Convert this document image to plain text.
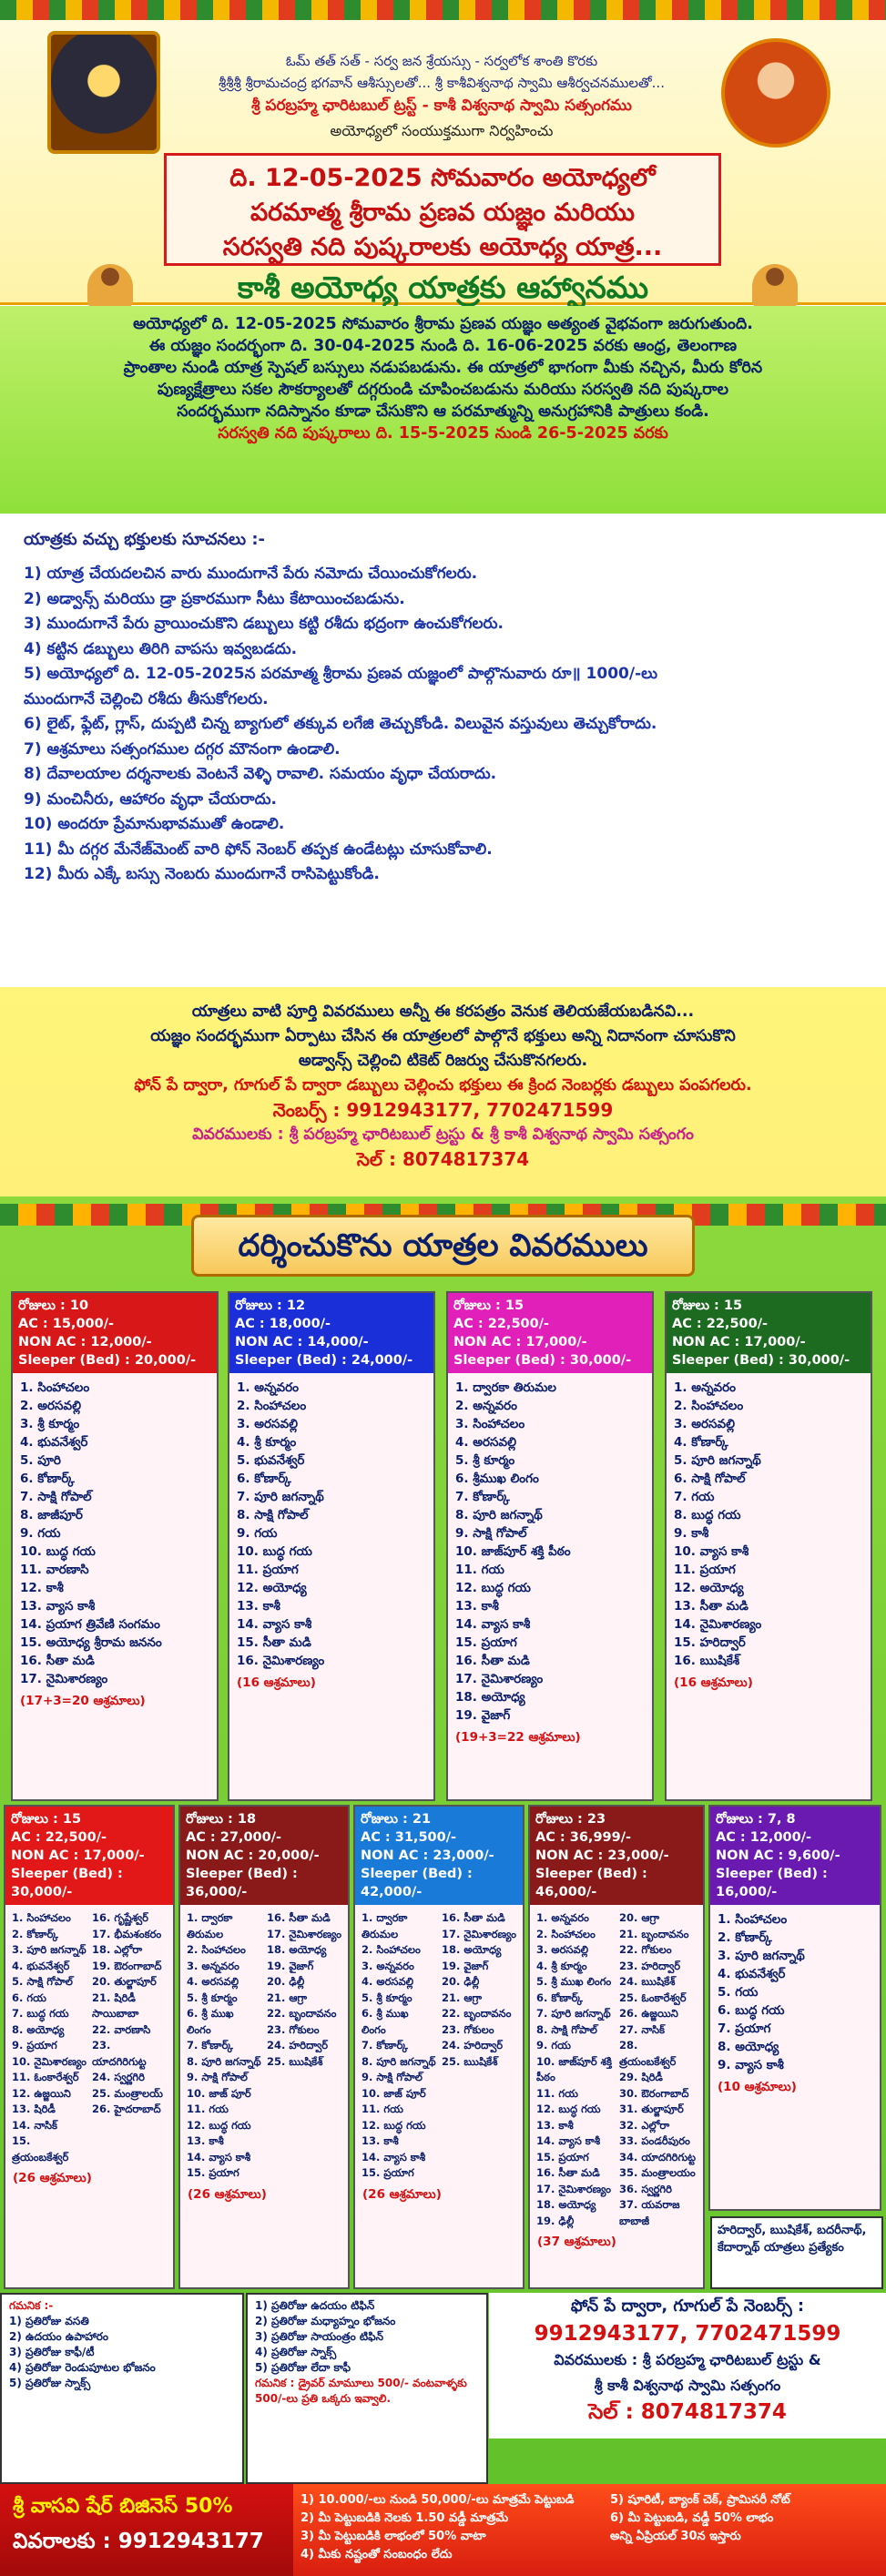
ఓమ్ తత్ సత్ - సర్వ జన శ్రేయస్సు - సర్వలోక శాంతి కొరకు
శ్రీశ్రీశ్రీ శ్రీరామచంద్ర భగవాన్ ఆశీస్సులతో... శ్రీ కాశీవిశ్వనాథ స్వామి ఆశీర్వచనములతో...
శ్రీ పరబ్రహ్మ ఛారిటబుల్ ట్రస్ట్ - కాశీ విశ్వనాథ స్వామి సత్సంగము
అయోధ్యలో సంయుక్తముగా నిర్వహించు
ది. 12-05-2025 సోమవారం అయోధ్యలో
పరమాత్మ శ్రీరామ ప్రణవ యజ్ఞం మరియు
సరస్వతి నది పుష్కరాలకు అయోధ్య యాత్ర...
కాశీ అయోధ్య యాత్రకు ఆహ్వానము

అయోధ్యలో ది. 12-05-2025 సోమవారం శ్రీరామ ప్రణవ యజ్ఞం అత్యంత వైభవంగా జరుగుతుంది.

ఈ యజ్ఞం సందర్భంగా ది. 30-04-2025 నుండి ది. 16-06-2025 వరకు ఆంధ్ర, తెలంగాణ

ప్రాంతాల నుండి యాత్ర స్పెషల్ బస్సులు నడుపబడును. ఈ యాత్రలో భాగంగా మీకు నచ్చిన, మీరు కోరిన

పుణ్యక్షేత్రాలు సకల సౌకర్యాలతో దగ్గరుండి చూపించబడును మరియు సరస్వతి నది పుష్కరాల

సందర్భముగా నదిస్నానం కూడా చేసుకొని ఆ పరమాత్మున్ని అనుగ్రహానికి పాత్రులు కండి.

సరస్వతి నది పుష్కరాలు ది. 15-5-2025 నుండి 26-5-2025 వరకు

యాత్రకు వచ్చు భక్తులకు సూచనలు :-
1) యాత్ర చేయదలచిన వారు ముందుగానే పేరు నమోదు చేయించుకోగలరు.
2) అడ్వాన్స్ మరియు డ్రా ప్రకారముగా సీటు కేటాయించబడును.
3) ముందుగానే పేరు వ్రాయించుకొని డబ్బులు కట్టి రశీదు భద్రంగా ఉంచుకోగలరు.
4) కట్టిన డబ్బులు తిరిగి వాపసు ఇవ్వబడదు.
5) అయోధ్యలో ది. 12-05-2025న పరమాత్మ శ్రీరామ ప్రణవ యజ్ఞంలో పాల్గొనువారు రూ॥ 1000/-లు
ముందుగానే చెల్లించి రశీదు తీసుకోగలరు.
6) లైట్, ఫ్లేట్, గ్లాస్, దుప్పటి చిన్న బ్యాగులో తక్కువ లగేజి తెచ్చుకోండి. విలువైన వస్తువులు తెచ్చుకోరాదు.
7) ఆశ్రమాలు సత్సంగముల దగ్గర మౌనంగా ఉండాలి.
8) దేవాలయాల దర్శనాలకు వెంటనే వెళ్ళి రావాలి. సమయం వృధా చేయరాదు.
9) మంచినీరు, ఆహారం వృధా చేయరాదు.
10) అందరూ ప్రేమానుభావముతో ఉండాలి.
11) మీ దగ్గర మేనేజ్‌మెంట్ వారి ఫోన్ నెంబర్ తప్పక ఉండేటట్లు చూసుకోవాలి.
12) మీరు ఎక్కే బస్సు నెంబరు ముందుగానే రాసిపెట్టుకోండి.

యాత్రలు వాటి పూర్తి వివరములు అన్నీ ఈ కరపత్రం వెనుక తెలియజేయబడినవి...

యజ్ఞం సందర్భముగా ఏర్పాటు చేసిన ఈ యాత్రలలో పాల్గొనే భక్తులు అన్ని నిదానంగా చూసుకొని

అడ్వాన్స్ చెల్లించి టికెట్ రిజర్వు చేసుకొనగలరు.

ఫోన్ పే ద్వారా, గూగుల్ పే ద్వారా డబ్బులు చెల్లించు భక్తులు ఈ క్రింద నెంబర్లకు డబ్బులు పంపగలరు.

నెంబర్స్ : 9912943177, 7702471599

వివరములకు : శ్రీ పరబ్రహ్మ ఛారిటబుల్ ట్రస్టు & శ్రీ కాశీ విశ్వనాథ స్వామి సత్సంగం

సెల్ : 8074817374

దర్శించుకొను యాత్రల వివరములు
హరిద్వార్, ఋషికేశ్, బదరీనాథ్, కేదార్నాథ్ యాత్రలు ప్రత్యేకం
గమనిక :-
1) ప్రతిరోజు వసతి
2) ఉదయం ఉపాహారం
3) ప్రతిరోజు కాఫీ/టీ
4) ప్రతిరోజు రెండుపూటల భోజనం
5) ప్రతిరోజు స్నాక్స్
1) ప్రతిరోజు ఉదయం టిఫిన్
2) ప్రతిరోజు మధ్యాహ్నం భోజనం
3) ప్రతిరోజు సాయంత్రం టిఫిన్
4) ప్రతిరోజు స్నాక్స్
5) ప్రతిరోజు లేదా కాఫీ
గమనిక : డ్రైవర్ మామూలు 500/- వంటవాళ్ళకు 500/-లు ప్రతి ఒక్కరు ఇవ్వాలి.

ఫోన్ పే ద్వారా, గూగుల్ పే నెంబర్స్ :

9912943177, 7702471599

వివరములకు : శ్రీ పరబ్రహ్మ ఛారిటబుల్ ట్రస్టు &

శ్రీ కాశీ విశ్వనాథ స్వామి సత్సంగం

సెల్ : 8074817374

శ్రీ వాసవి షేర్ బిజినెస్ 50%
వివరాలకు : 9912943177
1) 10.000/-లు నుండి 50,000/-లు మాత్రమే పెట్టుబడి
2) మీ పెట్టుబడికి నెలకు 1.50 వడ్డీ మాత్రమే
3) మీ పెట్టుబడికి లాభంలో 50% వాటా
4) మీకు నష్టంతో సంబంధం లేదు
5) షూరిటీ, బ్యాంక్ చెక్, ప్రామిసరీ నోట్
6) మీ పెట్టుబడి, వడ్డీ 50% లాభం
అన్ని ఏప్రియల్ 30న ఇస్తారు
రోజులు : 10
AC : 15,000/-
NON AC : 12,000/-
Sleeper (Bed) : 20,000/-
1. సింహాచలం
2. అరసవల్లి
3. శ్రీ కూర్మం
4. భువనేశ్వర్
5. పూరి
6. కోణార్క్
7. సాక్షి గోపాల్
8. జాజీపూర్
9. గయ
10. బుద్ధ గయ
11. వారణాసి
12. కాశీ
13. వ్యాస కాశీ
14. ప్రయాగ త్రివేణి సంగమం
15. అయోధ్య శ్రీరామ జననం
16. సీతా మడి
17. నైమిశారణ్యం
(17+3=20 ఆశ్రమాలు)
రోజులు : 12
AC : 18,000/-
NON AC : 14,000/-
Sleeper (Bed) : 24,000/-
1. అన్నవరం
2. సింహాచలం
3. అరసవల్లి
4. శ్రీ కూర్మం
5. భువనేశ్వర్
6. కోణార్క్
7. పూరి జగన్నాథ్
8. సాక్షి గోపాల్
9. గయ
10. బుద్ధ గయ
11. ప్రయాగ
12. అయోధ్య
13. కాశీ
14. వ్యాస కాశీ
15. సీతా మడి
16. నైమిశారణ్యం
(16 ఆశ్రమాలు)
రోజులు : 15
AC : 22,500/-
NON AC : 17,000/-
Sleeper (Bed) : 30,000/-
1. ద్వారకా తిరుమల
2. అన్నవరం
3. సింహాచలం
4. అరసవల్లి
5. శ్రీ కూర్మం
6. శ్రీముఖ లింగం
7. కోణార్క్
8. పూరి జగన్నాథ్
9. సాక్షి గోపాల్
10. జాజ్‌పూర్ శక్తి పీఠం
11. గయ
12. బుద్ధ గయ
13. కాశీ
14. వ్యాస కాశీ
15. ప్రయాగ
16. సీతా మడి
17. నైమిశారణ్యం
18. అయోధ్య
19. వైజాగ్
(19+3=22 ఆశ్రమాలు)
రోజులు : 15
AC : 22,500/-
NON AC : 17,000/-
Sleeper (Bed) : 30,000/-
1. అన్నవరం
2. సింహాచలం
3. అరసవల్లి
4. కోణార్క్
5. పూరి జగన్నాథ్
6. సాక్షి గోపాల్
7. గయ
8. బుద్ధ గయ
9. కాశీ
10. వ్యాస కాశీ
11. ప్రయాగ
12. అయోధ్య
13. సీతా మడి
14. నైమిశారణ్యం
15. హరిద్వార్
16. ఋషికేశ్
(16 ఆశ్రమాలు)
రోజులు : 15
AC : 22,500/-
NON AC : 17,000/-
Sleeper (Bed) : 30,000/-
1. సింహాచలం
2. కోణార్క్
3. పూరి జగన్నాథ్
4. భువనేశ్వర్
5. సాక్షి గోపాల్
6. గయ
7. బుద్ధ గయ
8. అయోధ్య
9. ప్రయాగ
10. నైమిశారణ్యం
11. ఓంకారేశ్వర్
12. ఉజ్జయిని
13. షిరిడీ
14. నాసిక్
15. త్రయంబకేశ్వర్
16. గృష్ణేశ్వర్
17. భీమశంకరం
18. ఎల్లోరా
19. ఔరంగాబాద్
20. తుల్జాపూర్
21. షిరిడీ సాయిబాబా
22. వారణాసి
23. యాదగిరిగుట్ట
24. స్వర్ణగిరి
25. మంత్రాలయ్
26. హైదరాబాద్
(26 ఆశ్రమాలు)
రోజులు : 18
AC : 27,000/-
NON AC : 20,000/-
Sleeper (Bed) : 36,000/-
1. ద్వారకా తిరుమల
2. సింహాచలం
3. అన్నవరం
4. అరసవల్లి
5. శ్రీ కూర్మం
6. శ్రీ ముఖ లింగం
7. కోణార్క్
8. పూరి జగన్నాథ్
9. సాక్షి గోపాల్
10. జాజ్ పూర్
11. గయ
12. బుద్ధ గయ
13. కాశీ
14. వ్యాస కాశీ
15. ప్రయాగ
16. సీతా మడి
17. నైమిశారణ్యం
18. అయోధ్య
19. వైజాగ్
20. ఢిల్లీ
21. ఆగ్రా
22. బృందావనం
23. గోకులం
24. హరిద్వార్
25. ఋషికేశ్
(26 ఆశ్రమాలు)
రోజులు : 21
AC : 31,500/-
NON AC : 23,000/-
Sleeper (Bed) : 42,000/-
1. ద్వారకా తిరుమల
2. సింహాచలం
3. అన్నవరం
4. అరసవల్లి
5. శ్రీ కూర్మం
6. శ్రీ ముఖ లింగం
7. కోణార్క్
8. పూరి జగన్నాథ్
9. సాక్షి గోపాల్
10. జాజ్ పూర్
11. గయ
12. బుద్ధ గయ
13. కాశీ
14. వ్యాస కాశీ
15. ప్రయాగ
16. సీతా మడి
17. నైమిశారణ్యం
18. అయోధ్య
19. వైజాగ్
20. ఢిల్లీ
21. ఆగ్రా
22. బృందావనం
23. గోకులం
24. హరిద్వార్
25. ఋషికేశ్
(26 ఆశ్రమాలు)
రోజులు : 23
AC : 36,999/-
NON AC : 23,000/-
Sleeper (Bed) : 46,000/-
1. అన్నవరం
2. సింహాచలం
3. అరసవల్లి
4. శ్రీ కూర్మం
5. శ్రీ ముఖ లింగం
6. కోణార్క్
7. పూరి జగన్నాథ్
8. సాక్షి గోపాల్
9. గయ
10. జాజ్‌పూర్ శక్తి పీఠం
11. గయ
12. బుద్ధ గయ
13. కాశీ
14. వ్యాస కాశీ
15. ప్రయాగ
16. సీతా మడి
17. నైమిశారణ్యం
18. అయోధ్య
19. ఢిల్లీ
20. ఆగ్రా
21. బృందావనం
22. గోకులం
23. హరిద్వార్
24. ఋషికేశ్
25. ఓంకారేశ్వర్
26. ఉజ్జయిని
27. నాసిక్
28. త్రయంబకేశ్వర్
29. షిరిడీ
30. ఔరంగాబాద్
31. తుల్జాపూర్
32. ఎల్లోరా
33. పండరీపురం
34. యాదగిరిగుట్ట
35. మంత్రాలయం
36. స్వర్ణగిరి
37. యవరాజ బాబాజీ
(37 ఆశ్రమాలు)
రోజులు : 7, 8
AC : 12,000/-
NON AC : 9,600/-
Sleeper (Bed) : 16,000/-
1. సింహాచలం
2. కోణార్క్
3. పూరి జగన్నాథ్
4. భువనేశ్వర్
5. గయ
6. బుద్ధ గయ
7. ప్రయాగ
8. అయోధ్య
9. వ్యాస కాశీ
(10 ఆశ్రమాలు)
